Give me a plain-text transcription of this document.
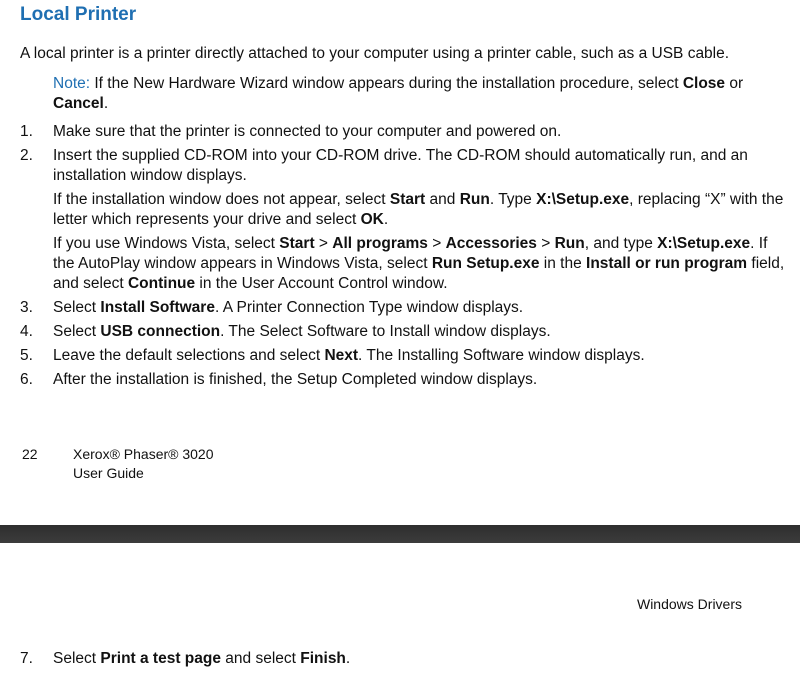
Local Printer

A local printer is a printer directly attached to your computer using a printer cable, such as a USB cable.

Note: If the New Hardware Wizard window appears during the installation procedure, select Close or Cancel.
1.	Make sure that the printer is connected to your computer and powered on.

2.	Insert the supplied CD-ROM into your CD-ROM drive. The CD-ROM should automatically run, and an installation window displays.

If the installation window does not appear, select Start and Run. Type X:\Setup.exe, replacing “X” with the letter which represents your drive and select OK.

If you use Windows Vista, select Start > All programs > Accessories > Run, and type X:\Setup.exe. If the AutoPlay window appears in Windows Vista, select Run Setup.exe in the Install or run program field, and select Continue in the User Account Control window.

3.	Select Install Software. A Printer Connection Type window displays.

4.	Select USB connection. The Select Software to Install window displays.

5.	Leave the default selections and select Next. The Installing Software window displays.

6.	After the installation is finished, the Setup Completed window displays.

22	Xerox® Phaser® 3020
User Guide
Windows Drivers
7.	Select Print a test page and select Finish.
